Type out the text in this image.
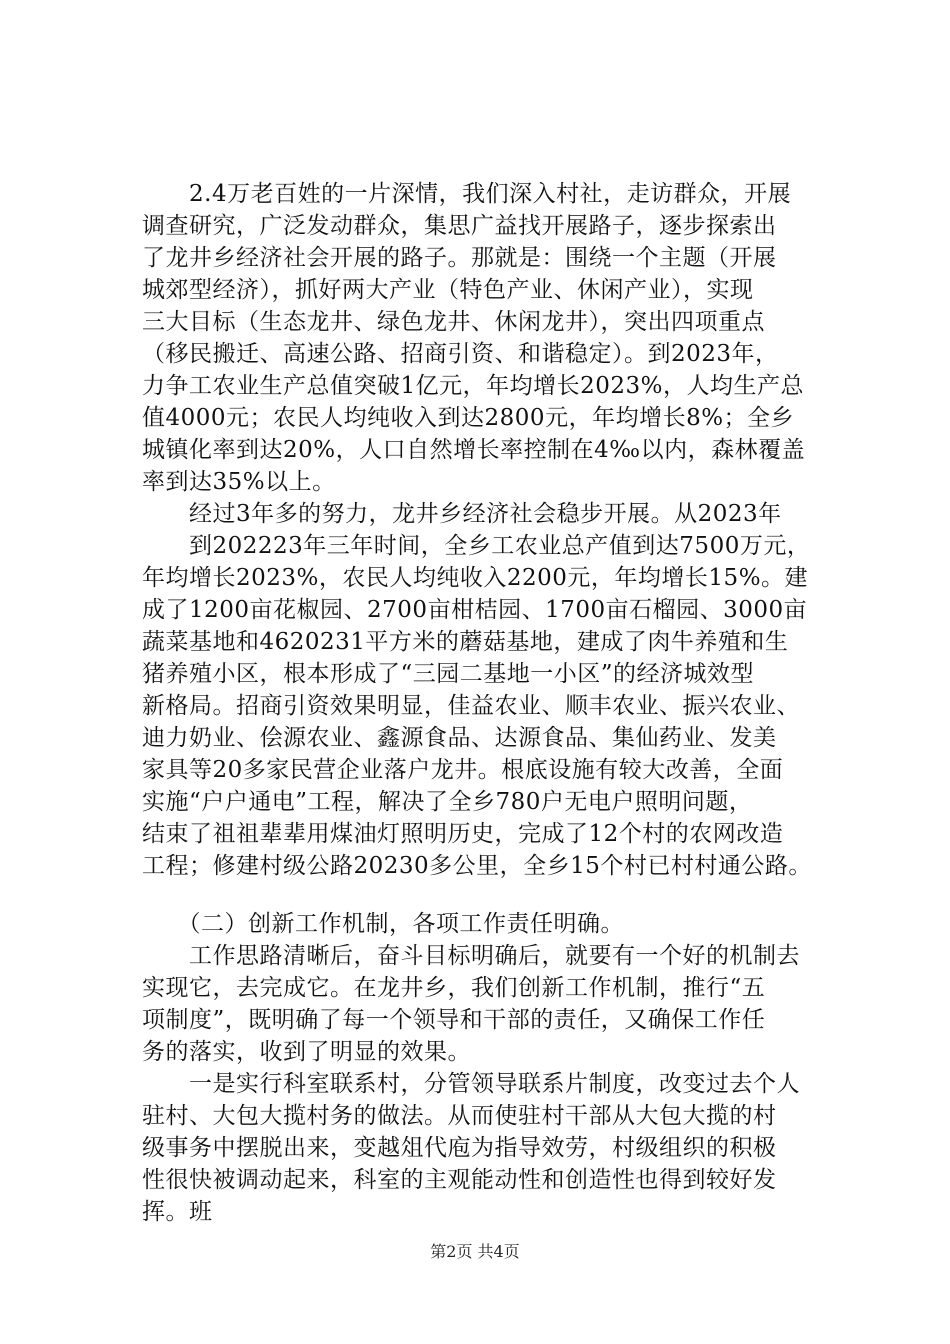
　　2.4万老百姓的一片深情，我们深入村社，走访群众，开展
调查研究，广泛发动群众，集思广益找开展路子，逐步探索出
了龙井乡经济社会开展的路子。那就是：围绕一个主题（开展
城郊型经济），抓好两大产业（特色产业、休闲产业），实现
三大目标（生态龙井、绿色龙井、休闲龙井），突出四项重点
（移民搬迁、高速公路、招商引资、和谐稳定）。到2023年，
力争工农业生产总值突破1亿元，年均增长2023%，人均生产总
值4000元；农民人均纯收入到达2800元，年均增长8%；全乡
城镇化率到达20%，人口自然增长率控制在4‰以内，森林覆盖
率到达35%以上。
　　经过3年多的努力，龙井乡经济社会稳步开展。从2023年
　　到202223年三年时间，全乡工农业总产值到达7500万元，
年均增长2023%，农民人均纯收入2200元，年均增长15%。建
成了1200亩花椒园、2700亩柑桔园、1700亩石榴园、3000亩
蔬菜基地和4620231平方米的蘑菇基地，建成了肉牛养殖和生
猪养殖小区，根本形成了“三园二基地一小区”的经济城效型
新格局。招商引资效果明显，佳益农业、顺丰农业、振兴农业、
迪力奶业、侩源农业、鑫源食品、达源食品、集仙药业、发美
家具等20多家民营企业落户龙井。根底设施有较大改善，全面
实施“户户通电”工程，解决了全乡780户无电户照明问题，
结束了祖祖辈辈用煤油灯照明历史，完成了12个村的农网改造
工程；修建村级公路20230多公里，全乡15个村已村村通公路。
　　（二）创新工作机制，各项工作责任明确。
　　工作思路清晰后，奋斗目标明确后，就要有一个好的机制去
实现它，去完成它。在龙井乡，我们创新工作机制，推行“五
项制度”，既明确了每一个领导和干部的责任，又确保工作任
务的落实，收到了明显的效果。
　　一是实行科室联系村，分管领导联系片制度，改变过去个人
驻村、大包大揽村务的做法。从而使驻村干部从大包大揽的村
级事务中摆脱出来，变越俎代庖为指导效劳，村级组织的积极
性很快被调动起来，科室的主观能动性和创造性也得到较好发
挥。班
第2页 共4页
